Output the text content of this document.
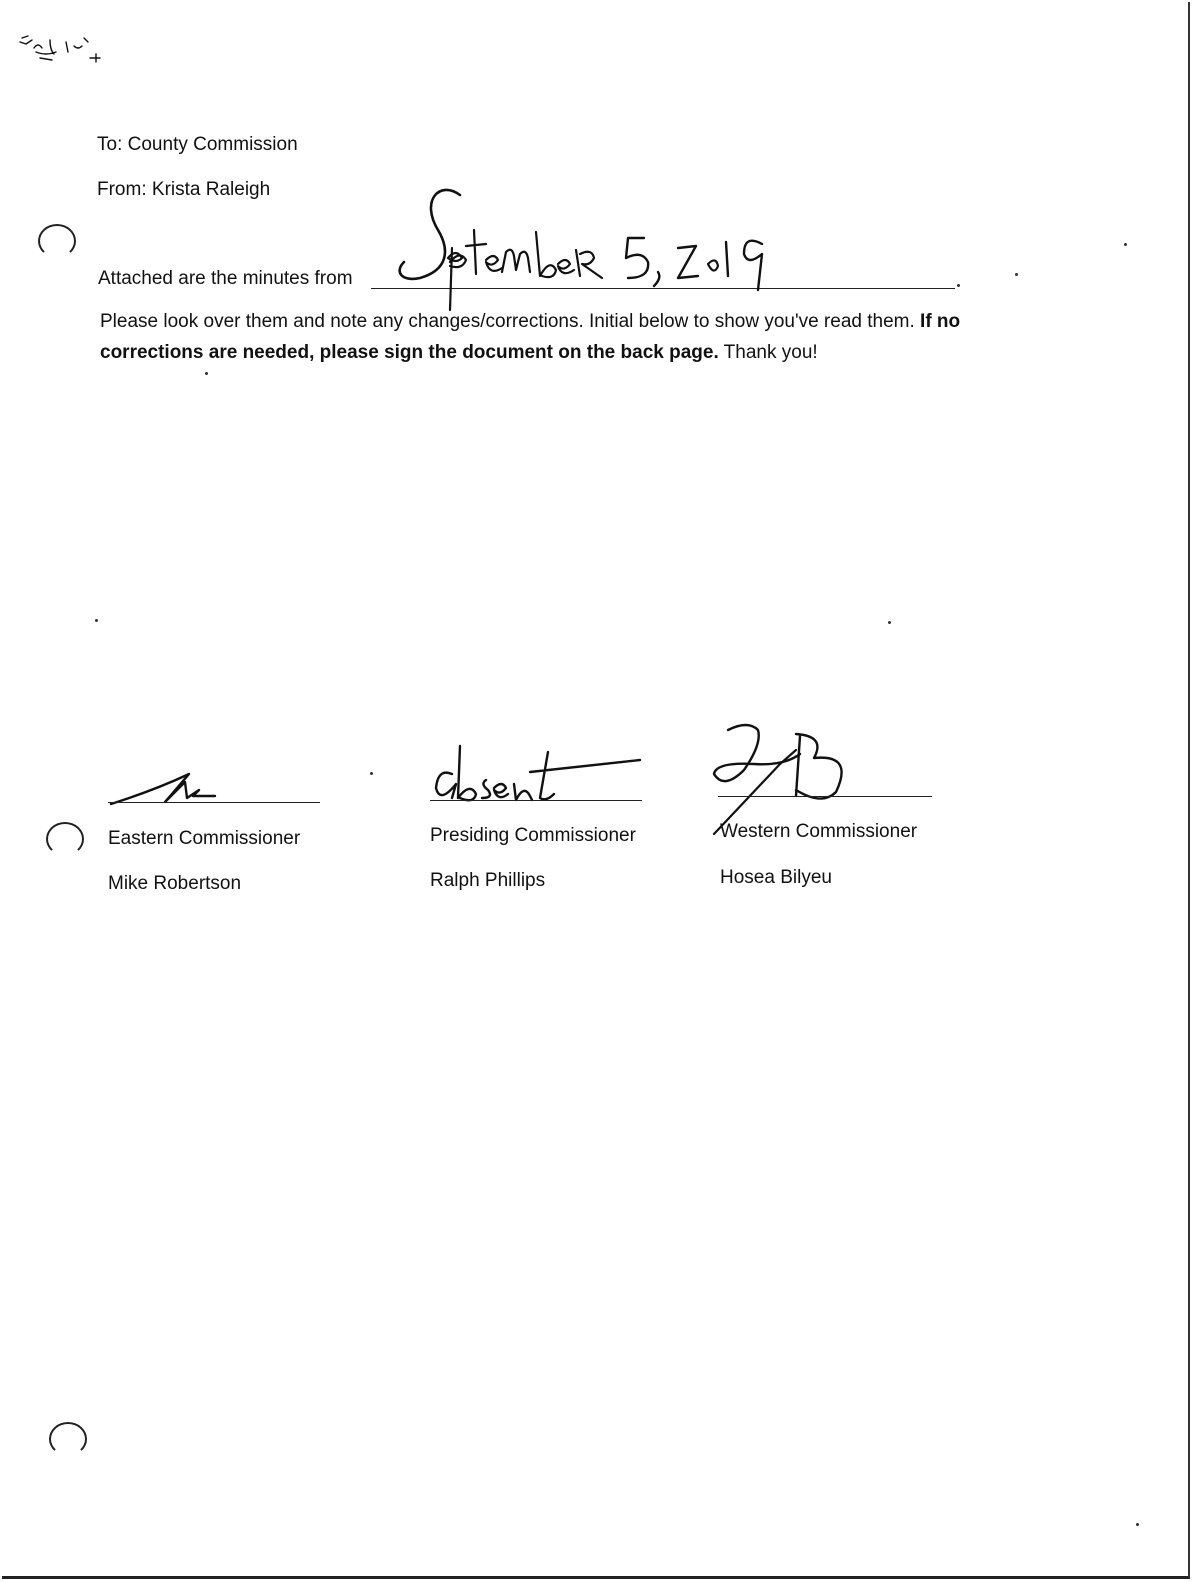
To: County Commission
From: Krista Raleigh
Attached are the minutes from
Please look over them and note any changes/corrections. Initial below to show you've read them. If no
corrections are needed, please sign the document on the back page. Thank you!
Eastern Commissioner
Mike Robertson
Presiding Commissioner
Ralph Phillips
Western Commissioner
Hosea Bilyeu
